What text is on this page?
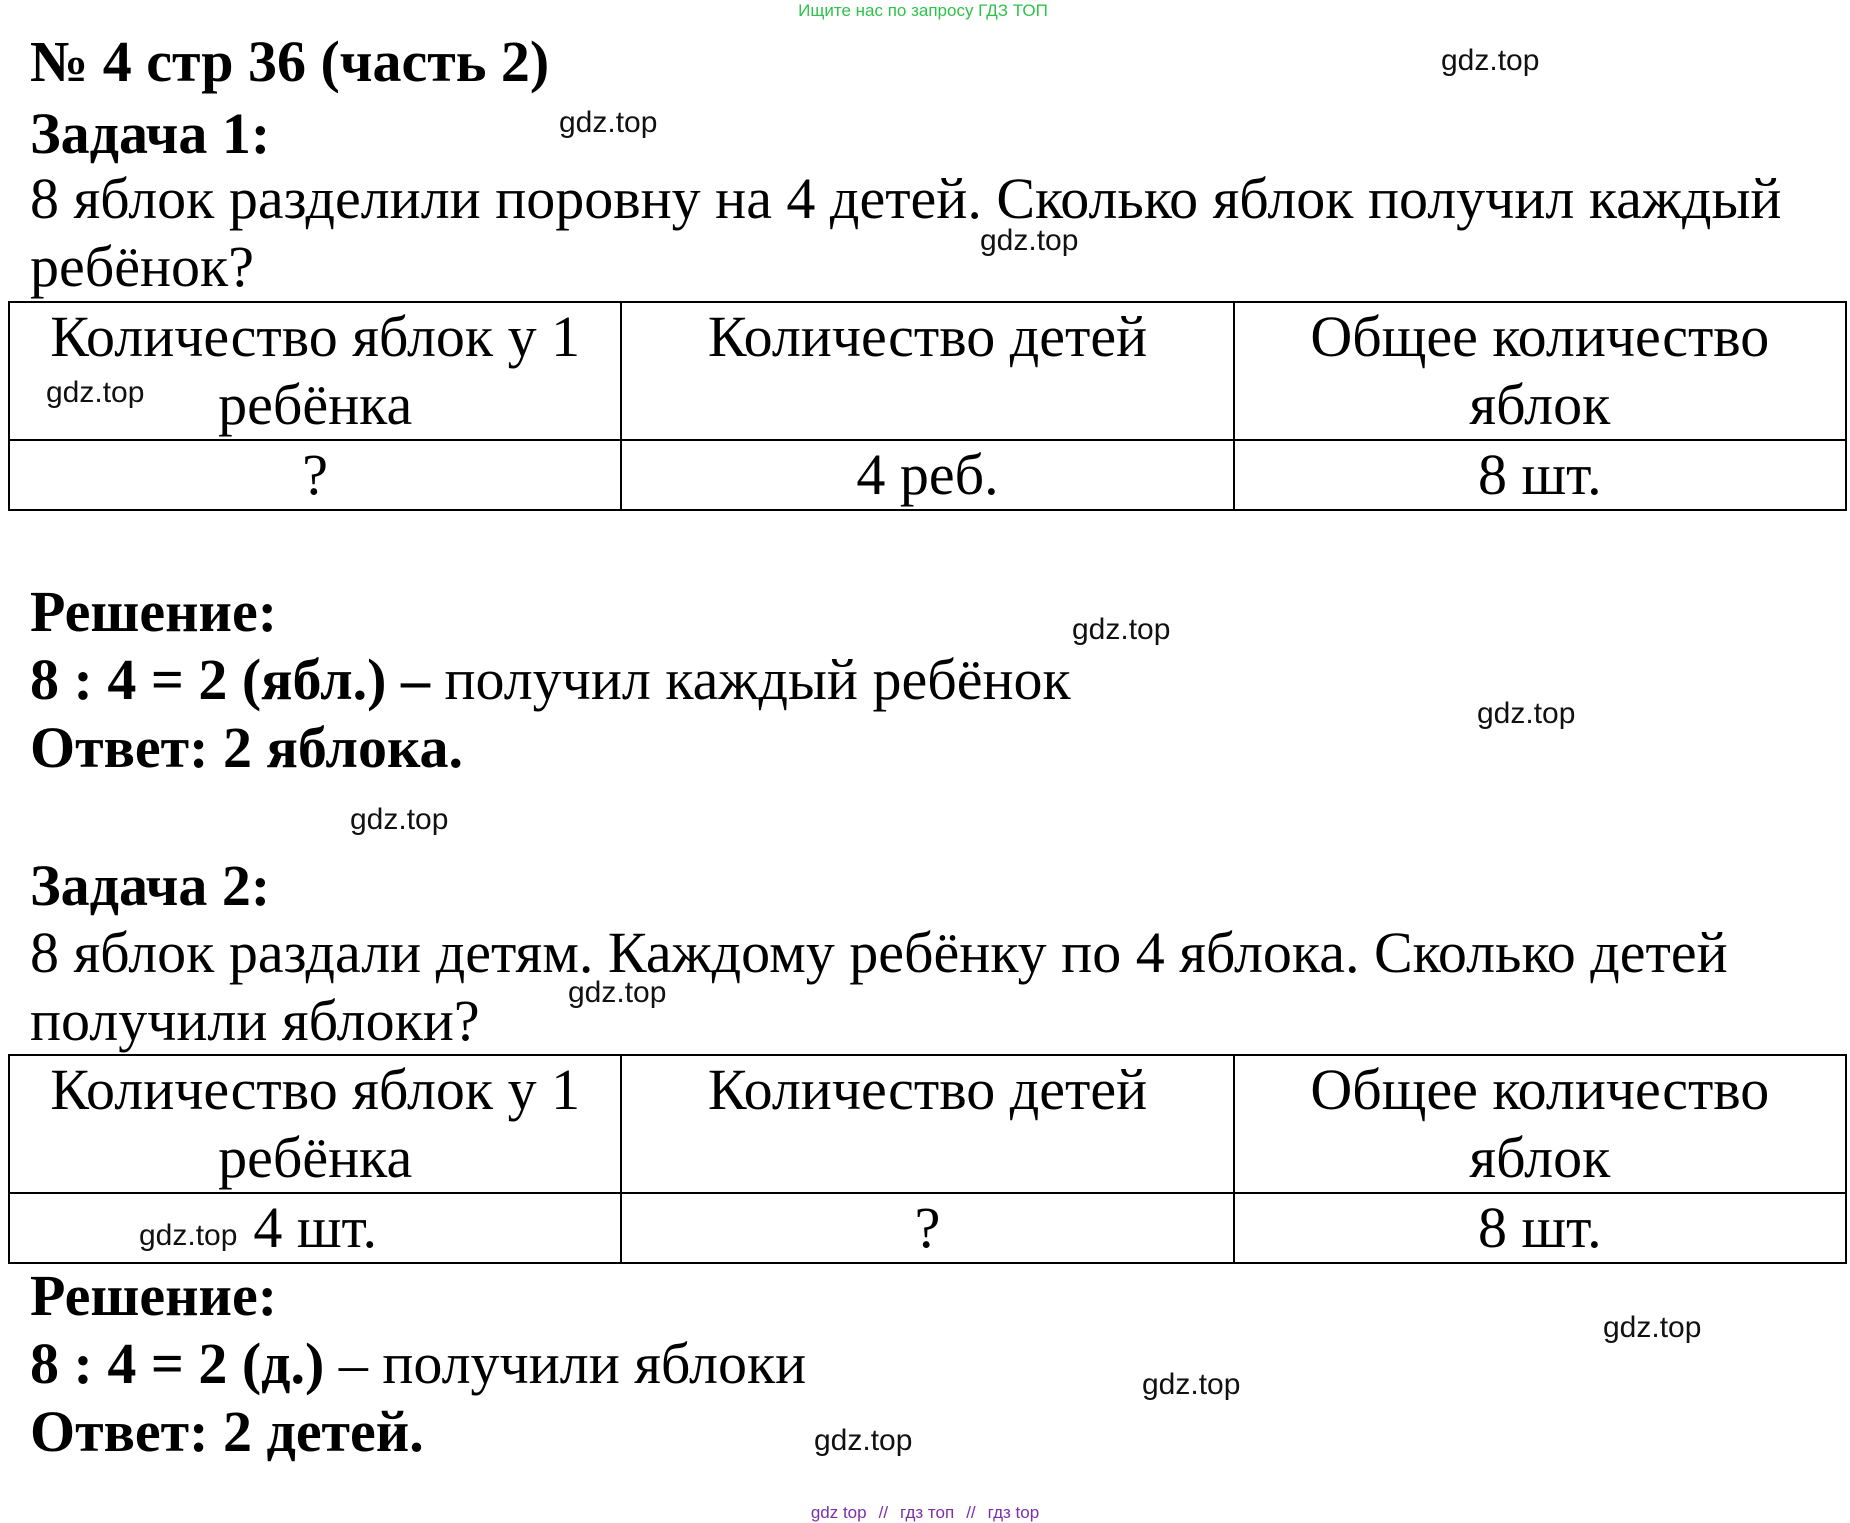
Ищите нас по запросу ГДЗ ТОП
№ 4 стр 36 (часть 2)
Задача 1:
8 яблок разделили поровну на 4 детей. Сколько яблок получил каждый ребёнок?
Количество яблок у 1 ребёнка	Количество детей	Общее количество яблок
?	4 реб.	8 шт.
Решение:
8 : 4 = 2 (ябл.) – получил каждый ребёнок
Ответ: 2 яблока.
Задача 2:
8 яблок раздали детям. Каждому ребёнку по 4 яблока. Сколько детей получили яблоки?
Количество яблок у 1 ребёнка	Количество детей	Общее количество яблок
4 шт.	?	8 шт.
Решение:
8 : 4 = 2 (д.) – получили яблоки
Ответ: 2 детей.
gdz.top
gdz.top
gdz.top
gdz.top
gdz.top
gdz.top
gdz.top
gdz.top
gdz.top
gdz.top
gdz.top
gdz.top
gdz top // гдз топ // гдз top
